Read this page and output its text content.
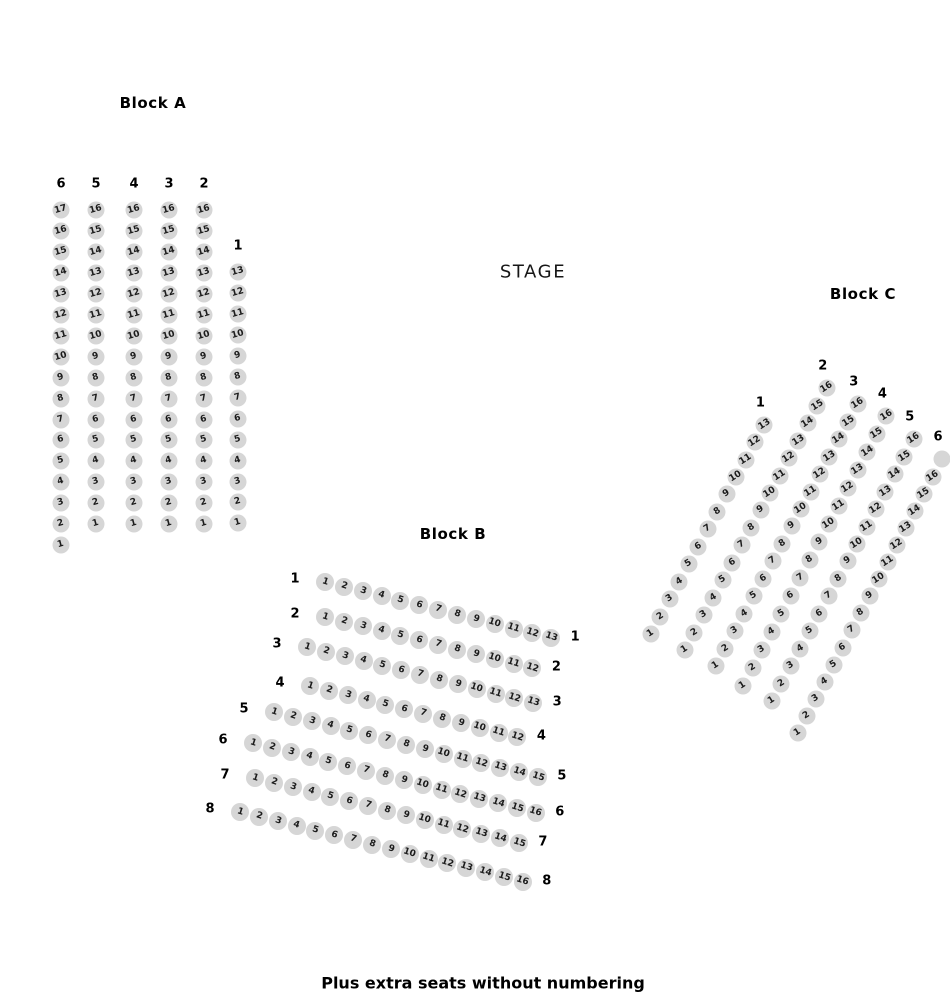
STAGE
Block A
Block B
Block C
Plus extra seats without numbering
6
17
16
15
14
13
12
11
10
9
8
7
6
5
4
3
2
1
5
16
15
14
13
12
11
10
9
8
7
6
5
4
3
2
1
4
16
15
14
13
12
11
10
9
8
7
6
5
4
3
2
1
3
16
15
14
13
12
11
10
9
8
7
6
5
4
3
2
1
2
16
15
14
13
12
11
10
9
8
7
6
5
4
3
2
1
1
13
12
11
10
9
8
7
6
5
4
3
2
1
1 1 2 3 4 5 6 7 8 9 10 11 12 13 1
2 1 2 3 4 5 6 7 8 9 10 11 12 2
3 1 2 3 4 5 6 7 8 9 10 11 12 13 3
4 1 2 3 4 5 6 7 8 9 10 11 12 4
5 1 2 3 4 5 6 7 8 9 10 11 12 13 14 15 5
6 1 2 3 4 5 6 7 8 9 10 11 12 13 14 15 16 6
7 1 2 3 4 5 6 7 8 9 10 11 12 13 14 15 7
8 1 2 3 4 5 6 7 8 9 10 11 12 13 14 15 16 8
1
2
3
4
5
6
7
8
9
10
11
12
13
1
1
2
3
4
5
6
7
8
9
10
11
12
13
14
15
16
2
1
2
3
4
5
6
7
8
9
10
11
12
13
14
15
16
3
1
2
3
4
5
6
7
8
9
10
11
12
13
14
15
16
4
1
2
3
4
5
6
7
8
9
10
11
12
13
14
15
16
5
1
2
3
4
5
6
7
8
9
10
11
12
13
14
15
16
6
